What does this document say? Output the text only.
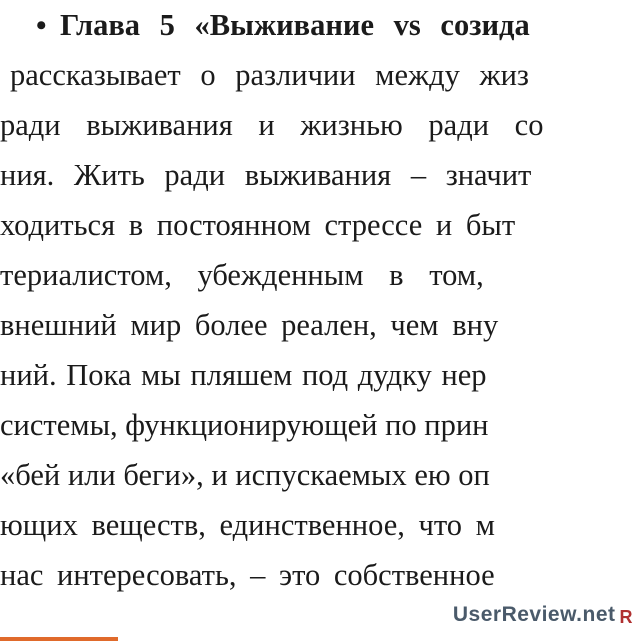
• Глава 5 «Выживание vs созида
рассказывает о различии между жиз
ради выживания и жизнью ради со
ния. Жить ради выживания – значит
ходиться в постоянном стрессе и быт
териалистом, убежденным в том,
внешний мир более реален, чем вну
ний. Пока мы пляшем под дудку нер
системы, функционирующей по прин
«бей или беги», и испускаемых ею оп
ющих веществ, единственное, что м
нас интересовать, – это собственное
UserReview.net R
